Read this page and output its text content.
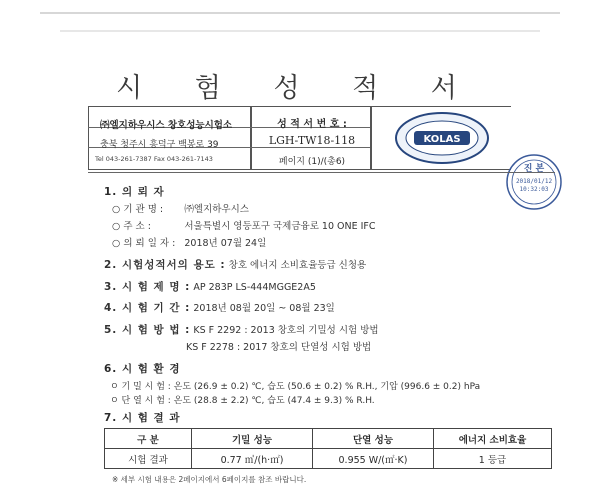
시 험 성 적 서
㈜엘지하우시스 창호성능시험소
충북 청주시 흥덕구 백봉로 39
Tel 043-261-7387 Fax 043-261-7143
성 적 서 번 호 :
LGH-TW18-118
페이지 (1)/(총6)
KOLAS
진 본
2018/01/12
10:32:03
1. 의 뢰 자
○ 기 관 명 : ㈜엘지하우시스
○ 주 소 :	서울특별시 영등포구 국제금융로 10 ONE IFC
○ 의 뢰 일 자 : 2018년 07월 24일
2. 시험성적서의 용도 : 창호 에너지 소비효율등급 신청용
3. 시 험 제 명 : AP 283P LS-444MGGE2A5
4. 시 험 기 간 : 2018년 08월 20일 ~ 08월 23일
5. 시 험 방 법 : KS F 2292 : 2013 창호의 기밀성 시험 방법
KS F 2278 : 2017 창호의 단열성 시험 방법
6. 시 험 환 경
ㅇ 기 밀 시 험 : 온도 (26.9 ± 0.2) ℃, 습도 (50.6 ± 0.2) % R.H., 기압 (996.6 ± 0.2) hPa
ㅇ 단 열 시 험 : 온도 (28.8 ± 2.2) ℃, 습도 (47.4 ± 9.3) % R.H.
7. 시 험 결 과
구 분	기밀 성능	단열 성능	에너지 소비효율
시험 결과	0.77 ㎥/(h·㎡)	0.955 W/(㎡·K)	1 등급
※ 세부 시험 내용은 2페이지에서 6페이지를 참조 바랍니다.
